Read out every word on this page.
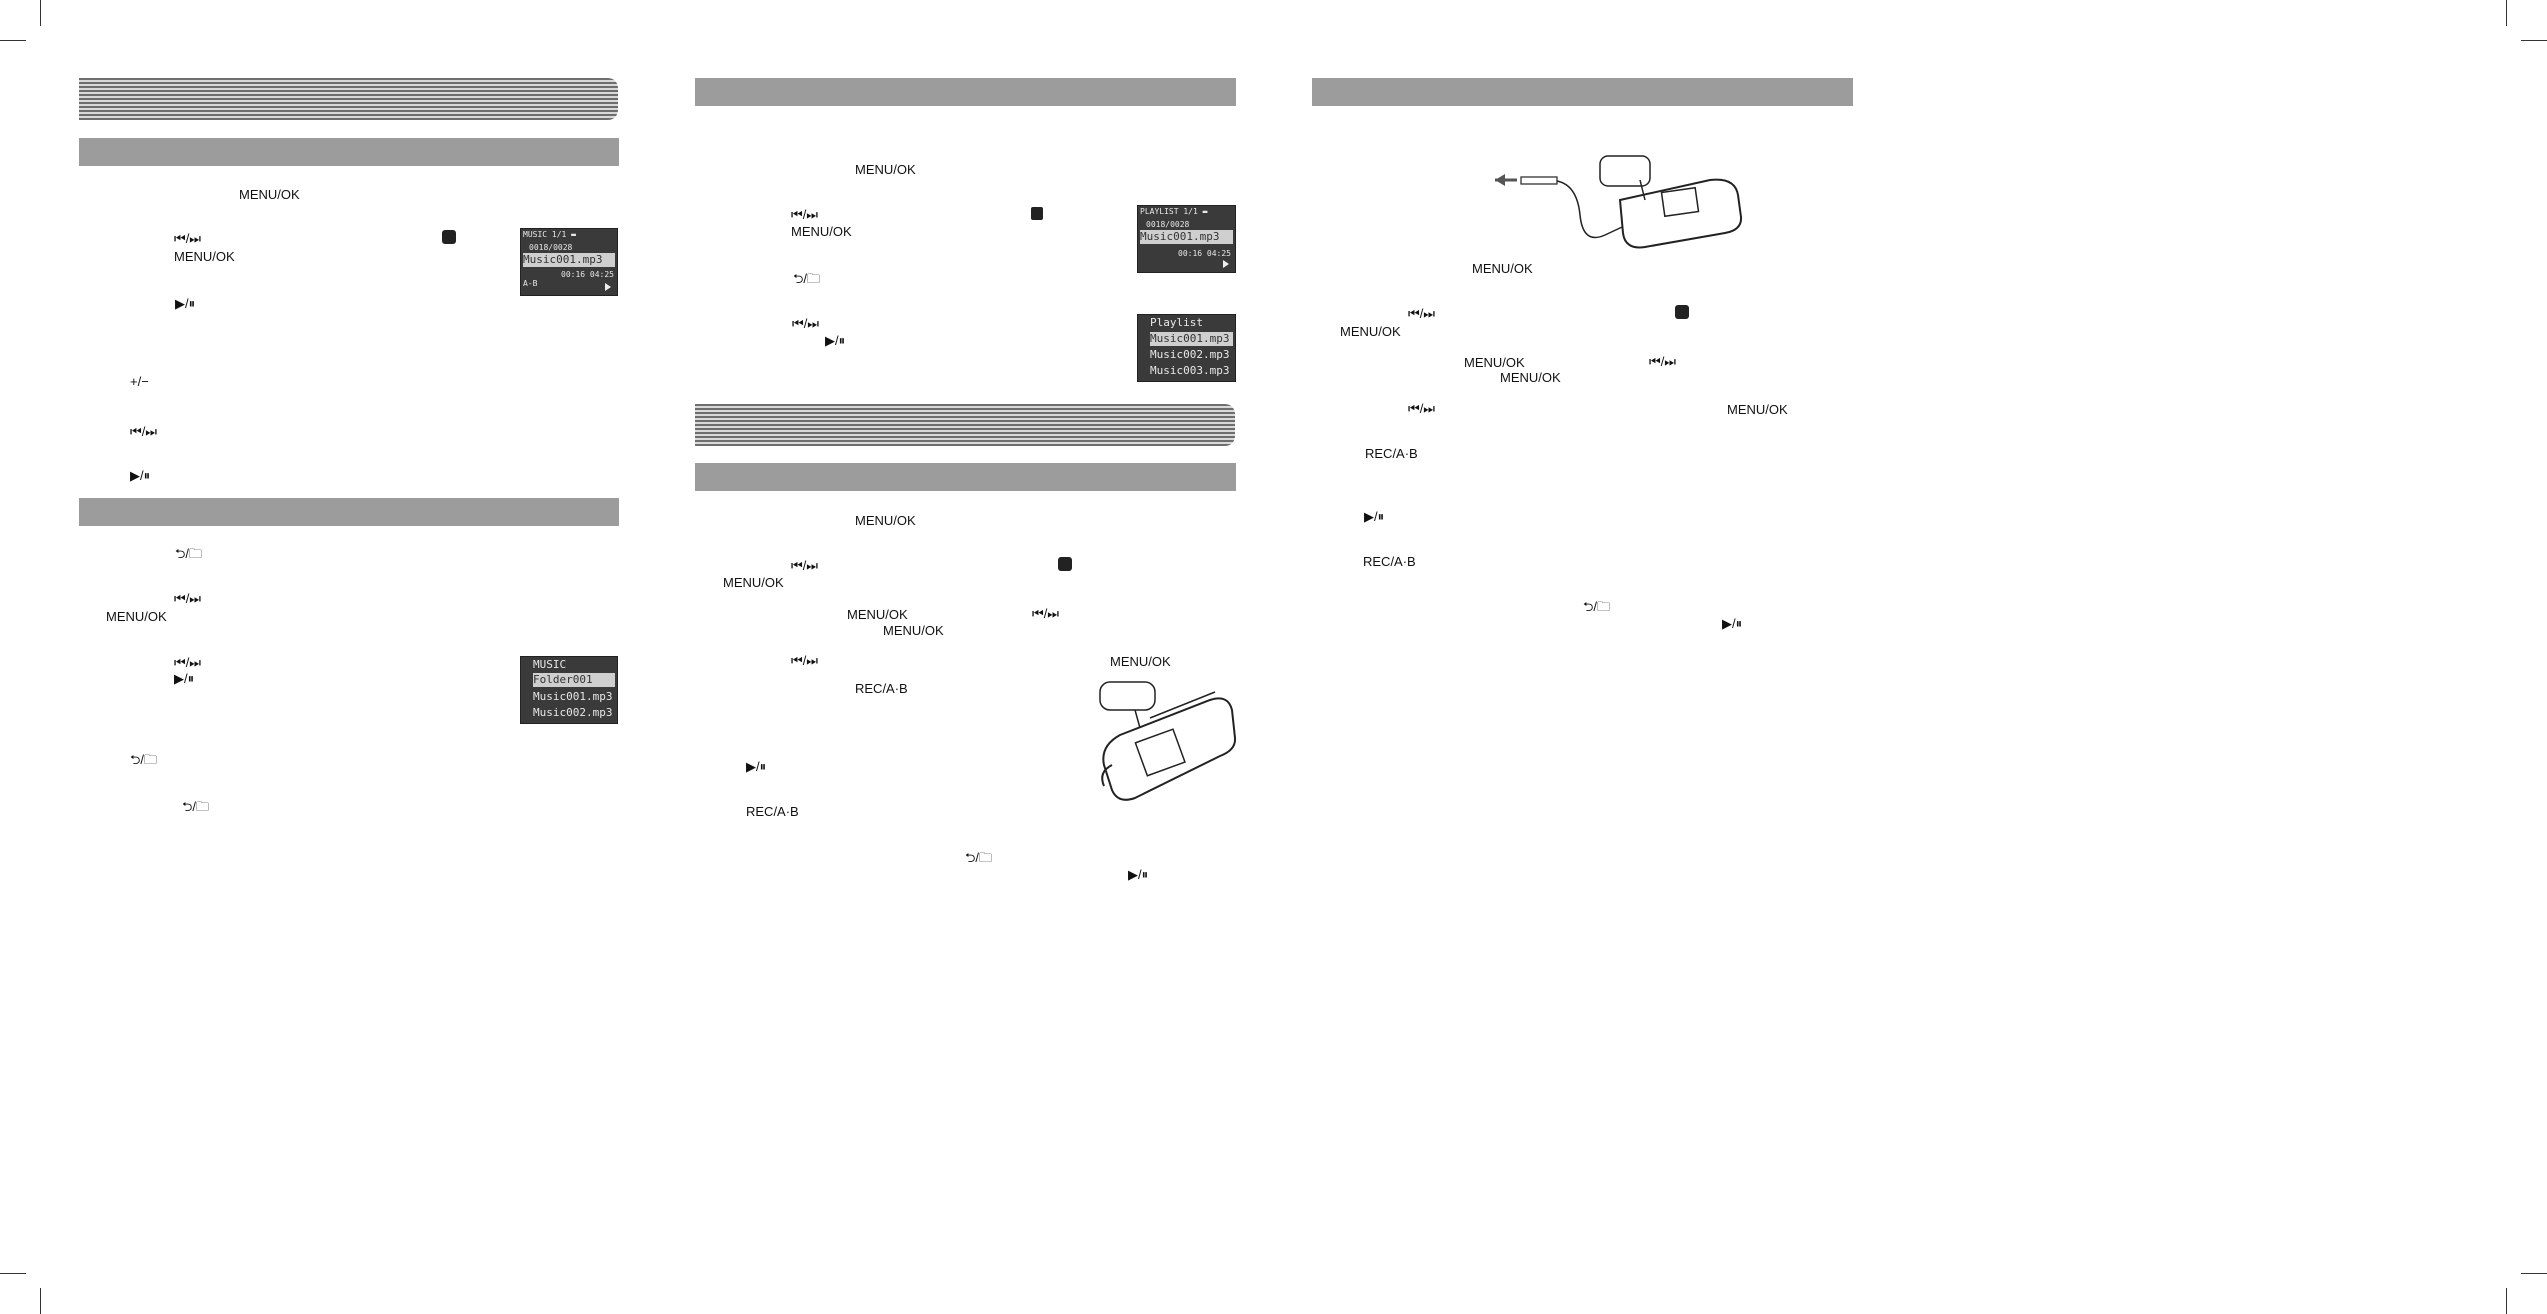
MENU/OK
⏮/⏭
MENU/OK
▶/⏸
+/−
⏮/⏭
▶/⏸
MUSIC 1/1 ▬
0018/0028
Music001.mp3
00:16 04:25
A-B
⮌/🗀
⏮/⏭
MENU/OK
⏮/⏭
▶/⏸
⮌/🗀
⮌/🗀
MUSIC
Folder001
Music001.mp3
Music002.mp3
MENU/OK
⏮/⏭
MENU/OK
⮌/🗀
⏮/⏭
▶/⏸
PLAYLIST 1/1 ▬
0018/0028
Music001.mp3
00:16 04:25
Playlist
Music001.mp3
Music002.mp3
Music003.mp3
MENU/OK
⏮/⏭
MENU/OK
MENU/OK	⏮/⏭
MENU/OK
⏮/⏭	MENU/OK
REC/A·B
▶/⏸
REC/A·B
⮌/🗀
▶/⏸
MENU/OK
⏮/⏭
MENU/OK
MENU/OK	⏮/⏭
MENU/OK
⏮/⏭	MENU/OK
REC/A·B
▶/⏸
REC/A·B
⮌/🗀
▶/⏸
